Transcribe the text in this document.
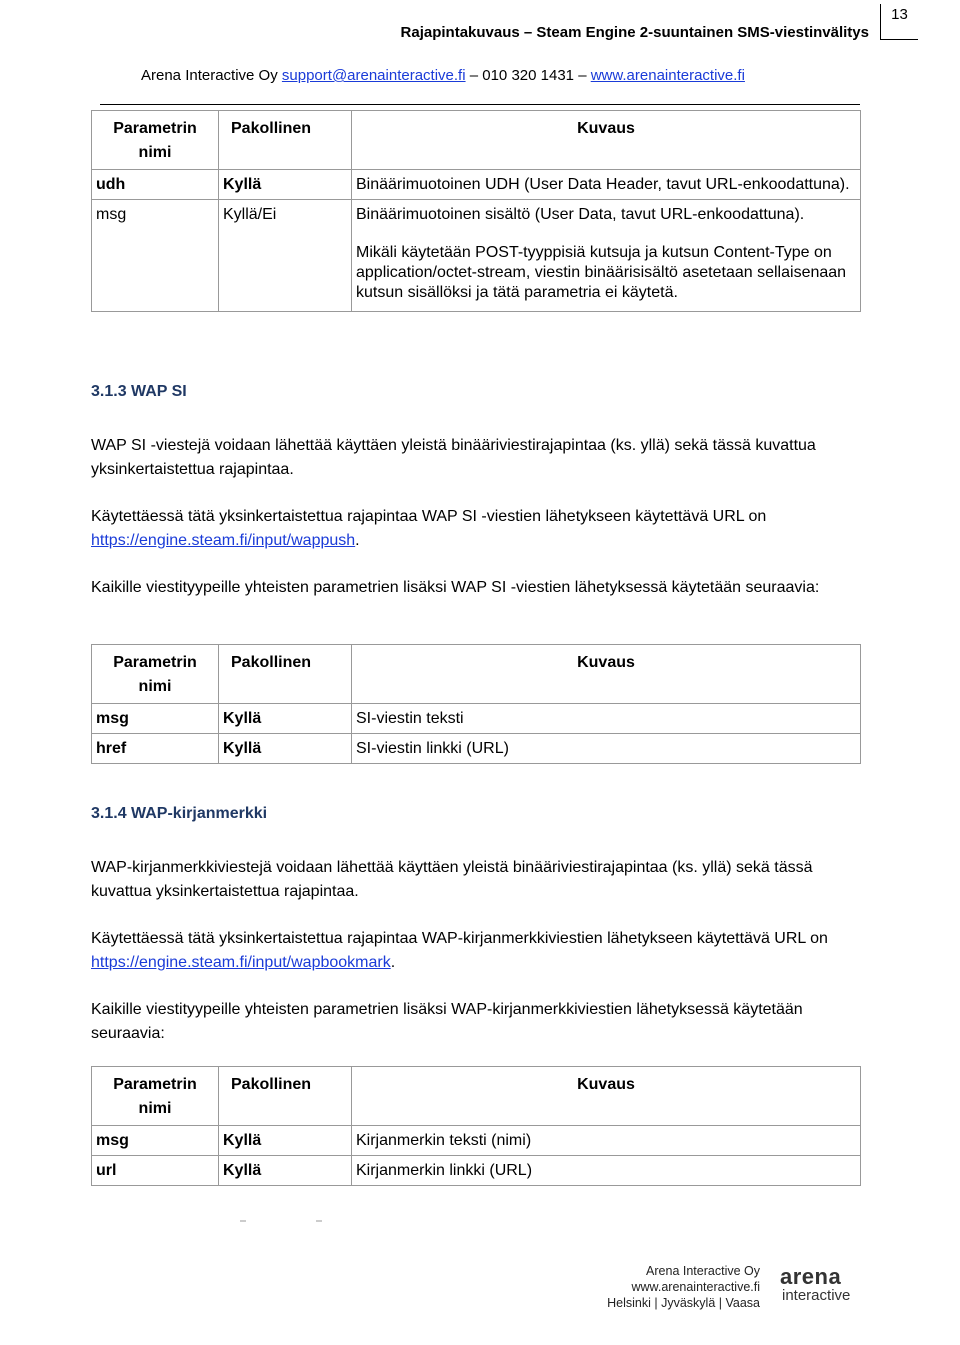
Rajapintakuvaus – Steam Engine 2-suuntainen SMS-viestinvälitys
13
Arena Interactive Oy support@arenainteractive.fi – 010 320 1431 – www.arenainteractive.fi
Parametrin nimi	Pakollinen	Kuvaus
udh	Kyllä	Binäärimuotoinen UDH (User Data Header, tavut URL-enkoodattuna).
msg	Kyllä/Ei	Binäärimuotoinen sisältö (User Data, tavut URL-enkoodattuna).
Mikäli käytetään POST-tyyppisiä kutsuja ja kutsun Content-Type on application/octet-stream, viestin binäärisisältö asetetaan sellaisenaan kutsun sisällöksi ja tätä parametria ei käytetä.
3.1.3 WAP SI
WAP SI -viestejä voidaan lähettää käyttäen yleistä binääriviestirajapintaa (ks. yllä) sekä tässä kuvattua yksinkertaistettua rajapintaa.
Käytettäessä tätä yksinkertaistettua rajapintaa WAP SI -viestien lähetykseen käytettävä URL on https://engine.steam.fi/input/wappush.
Kaikille viestityypeille yhteisten parametrien lisäksi WAP SI -viestien lähetyksessä käytetään seuraavia:
Parametrin nimi	Pakollinen	Kuvaus
msg	Kyllä	SI-viestin teksti
href	Kyllä	SI-viestin linkki (URL)
3.1.4 WAP-kirjanmerkki
WAP-kirjanmerkkiviestejä voidaan lähettää käyttäen yleistä binääriviestirajapintaa (ks. yllä) sekä tässä kuvattua yksinkertaistettua rajapintaa.
Käytettäessä tätä yksinkertaistettua rajapintaa WAP-kirjanmerkkiviestien lähetykseen käytettävä URL on https://engine.steam.fi/input/wapbookmark.
Kaikille viestityypeille yhteisten parametrien lisäksi WAP-kirjanmerkkiviestien lähetyksessä käytetään seuraavia:
Parametrin nimi	Pakollinen	Kuvaus
msg	Kyllä	Kirjanmerkin teksti (nimi)
url	Kyllä	Kirjanmerkin linkki (URL)
Arena Interactive Oy
www.arenainteractive.fi
Helsinki | Jyväskylä | Vaasa
arena
interactive
